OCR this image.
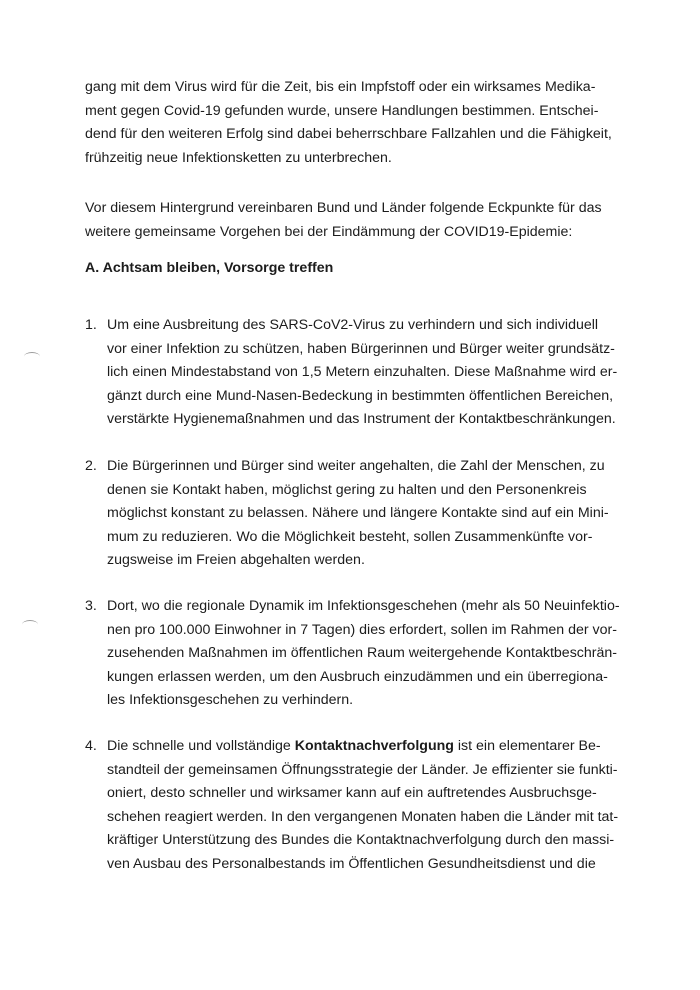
gang mit dem Virus wird für die Zeit, bis ein Impfstoff oder ein wirksames Medika-
ment gegen Covid-19 gefunden wurde, unsere Handlungen bestimmen. Entschei-
dend für den weiteren Erfolg sind dabei beherrschbare Fallzahlen und die Fähigkeit,
frühzeitig neue Infektionsketten zu unterbrechen.

Vor diesem Hintergrund vereinbaren Bund und Länder folgende Eckpunkte für das
weitere gemeinsame Vorgehen bei der Eindämmung der COVID19-Epidemie:

A. Achtsam bleiben, Vorsorge treffen
1. Um eine Ausbreitung des SARS-CoV2-Virus zu verhindern und sich individuell
vor einer Infektion zu schützen, haben Bürgerinnen und Bürger weiter grundsätz-
lich einen Mindestabstand von 1,5 Metern einzuhalten. Diese Maßnahme wird er-
gänzt durch eine Mund-Nasen-Bedeckung in bestimmten öffentlichen Bereichen,
verstärkte Hygienemaßnahmen und das Instrument der Kontaktbeschränkungen.
2. Die Bürgerinnen und Bürger sind weiter angehalten, die Zahl der Menschen, zu
denen sie Kontakt haben, möglichst gering zu halten und den Personenkreis
möglichst konstant zu belassen. Nähere und längere Kontakte sind auf ein Mini-
mum zu reduzieren. Wo die Möglichkeit besteht, sollen Zusammenkünfte vor-
zugsweise im Freien abgehalten werden.
3. Dort, wo die regionale Dynamik im Infektionsgeschehen (mehr als 50 Neuinfektio-
nen pro 100.000 Einwohner in 7 Tagen) dies erfordert, sollen im Rahmen der vor-
zusehenden Maßnahmen im öffentlichen Raum weitergehende Kontaktbeschrän-
kungen erlassen werden, um den Ausbruch einzudämmen und ein überregiona-
les Infektionsgeschehen zu verhindern.
4. Die schnelle und vollständige Kontaktnachverfolgung ist ein elementarer Be-
standteil der gemeinsamen Öffnungsstrategie der Länder. Je effizienter sie funkti-
oniert, desto schneller und wirksamer kann auf ein auftretendes Ausbruchsge-
schehen reagiert werden. In den vergangenen Monaten haben die Länder mit tat-
kräftiger Unterstützung des Bundes die Kontaktnachverfolgung durch den massi-
ven Ausbau des Personalbestands im Öffentlichen Gesundheitsdienst und die
